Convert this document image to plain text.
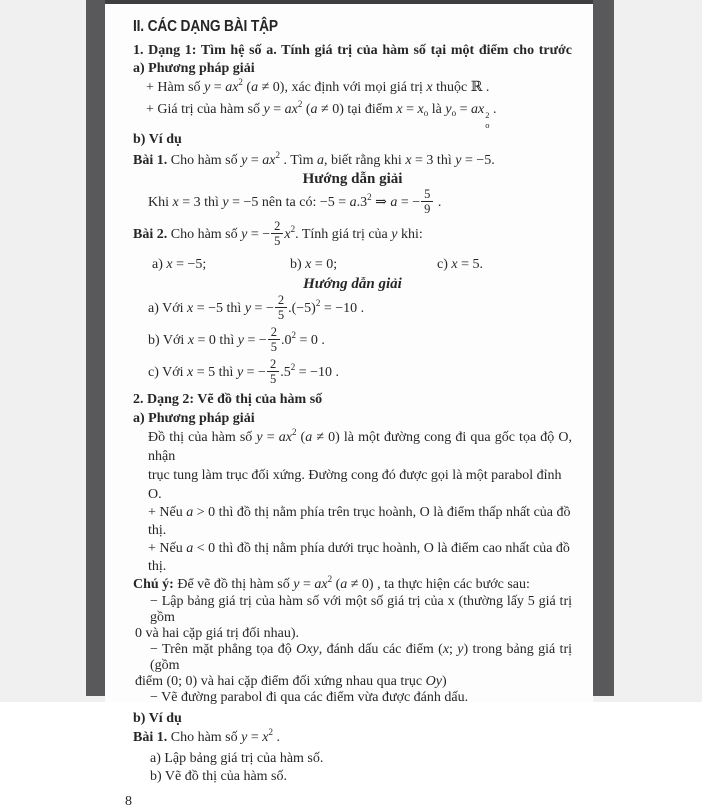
II. CÁC DẠNG BÀI TẬP

1. Dạng 1: Tìm hệ số a. Tính giá trị của hàm số tại một điểm cho trước

a) Phương pháp giải

+ Hàm số $y = ax^2$ (a ≠ 0), xác định với mọi giá trị x thuộc ℝ .

+ Giá trị của hàm số $y = ax^2$ (a ≠ 0) tại điểm $x = x_o$ là $y_o$ = ax 2
o
.

b) Ví dụ

Bài 1. Cho hàm số $y = ax^2$ . Tìm a, biết rằng khi x = 3 thì y = −5.

Hướng dẫn giải

Khi x = 3 thì y = −5 nên ta có: $-5 = a.3^2$ ⇒ a = − $\frac{5}{9}$ .
Bài 2. Cho hàm số y = − $\frac{2}{5} x^2$. Tính giá trị của y khi:
a) x = −5;	b) x = 0;	c) x = 5.

Hướng dẫn giải

a) Với x = −5 thì y = − $\frac{2}{5} .(-5)^2 = -10$ .
b) Với x = 0 thì y = − $\frac{2}{5} .0^2 = 0$ .
c) Với x = 5 thì y = − $\frac{2}{5} .5^2 = -10$ .

2. Dạng 2: Vẽ đồ thị của hàm số

a) Phương pháp giải

Đồ thị của hàm số $y = ax^2$ (a ≠ 0) là một đường cong đi qua gốc tọa độ O, nhận

trục tung làm trục đối xứng. Đường cong đó được gọi là một parabol đỉnh O.

+ Nếu a > 0 thì đồ thị nằm phía trên trục hoành, O là điểm thấp nhất của đồ thị.

+ Nếu a < 0 thì đồ thị nằm phía dưới trục hoành, O là điểm cao nhất của đồ thị.

Chú ý: Để vẽ đồ thị hàm số $y = ax^2$ (a ≠ 0) , ta thực hiện các bước sau:

− Lập bảng giá trị của hàm số với một số giá trị của x (thường lấy 5 giá trị gồm

0 và hai cặp giá trị đối nhau).

− Trên mặt phẳng tọa độ Oxy, đánh dấu các điểm (x; y) trong bảng giá trị (gồm

điểm (0; 0) và hai cặp điểm đối xứng nhau qua trục Oy)

− Vẽ đường parabol đi qua các điểm vừa được đánh dấu.

b) Ví dụ

Bài 1. Cho hàm số $y = x^2$ .

a) Lập bảng giá trị của hàm số.

b) Vẽ đồ thị của hàm số.

8
